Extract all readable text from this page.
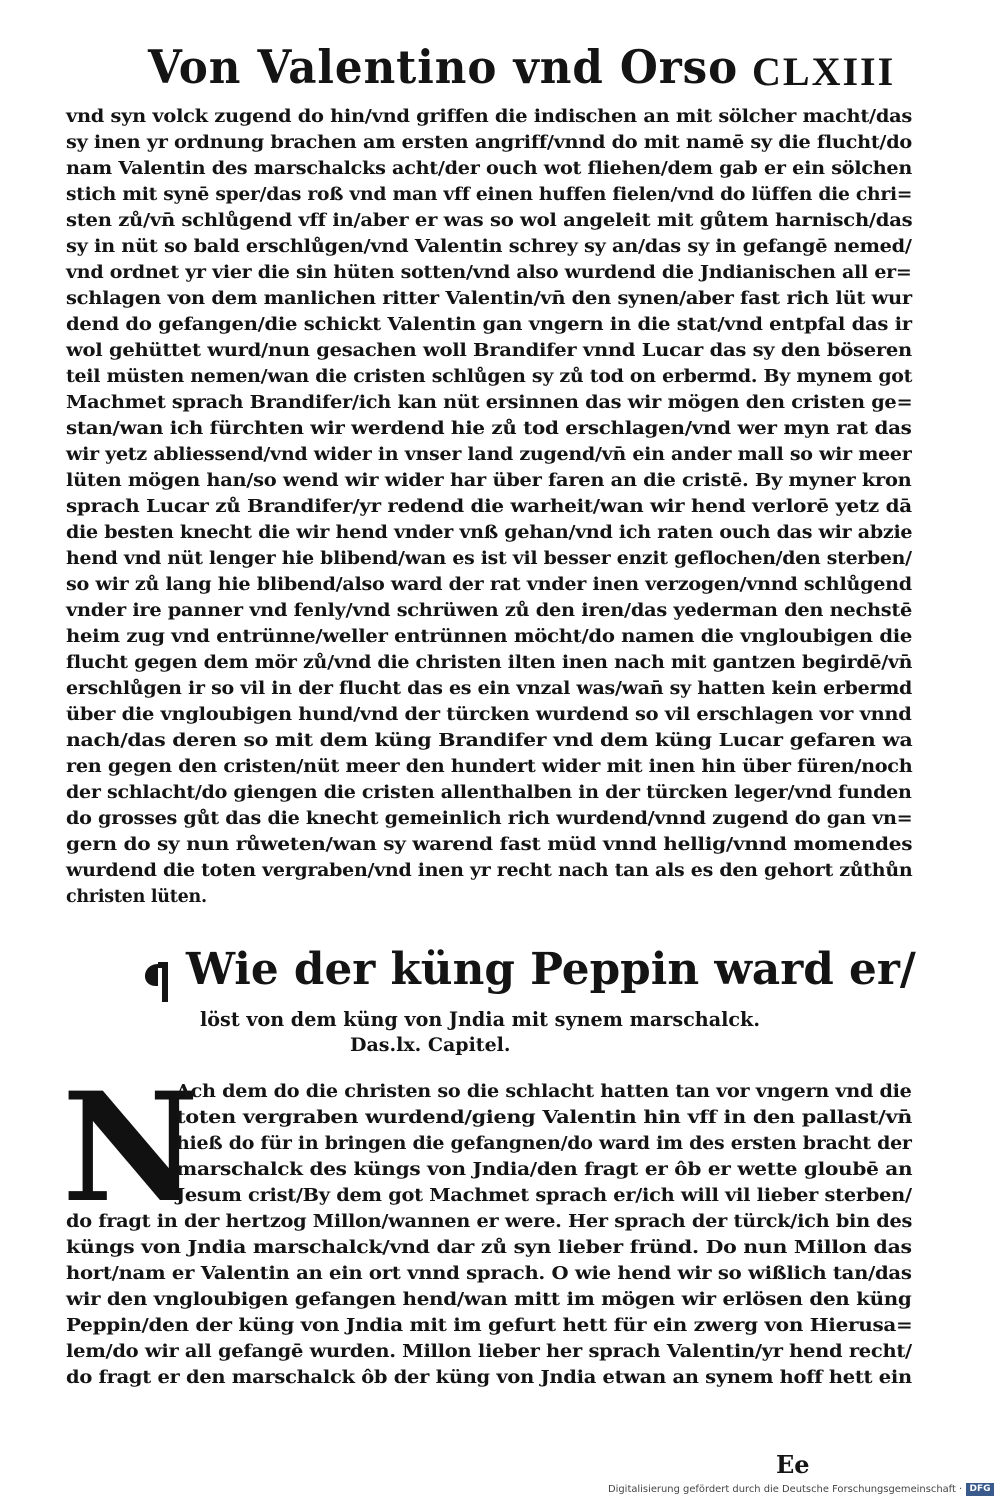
Von Valentino vnd Orso CLXIII
vnd syn volck zugend do hin/vnd griffen die indischen an mit sölcher macht/das
sy inen yr ordnung brachen am ersten angriff/vnnd do mit namē sy die flucht/do
nam Valentin des marschalcks acht/der ouch wot fliehen/dem gab er ein sölchen
stich mit synē sper/das roß vnd man vff einen huffen fielen/vnd do lüffen die chri=
sten zů/vn̄ schlůgend vff in/aber er was so wol angeleit mit gůtem harnisch/das
sy in nüt so bald erschlůgen/vnd Valentin schrey sy an/das sy in gefangē nemed/
vnd ordnet yr vier die sin hüten sotten/vnd also wurdend die Jndianischen all er=
schlagen von dem manlichen ritter Valentin/vn̄ den synen/aber fast rich lüt wur
dend do gefangen/die schickt Valentin gan vngern in die stat/vnd entpfal das ir
wol gehüttet wurd/nun gesachen woll Brandifer vnnd Lucar das sy den böseren
teil müsten nemen/wan die cristen schlůgen sy zů tod on erbermd. By mynem got
Machmet sprach Brandifer/ich kan nüt ersinnen das wir mögen den cristen ge=
stan/wan ich fürchten wir werdend hie zů tod erschlagen/vnd wer myn rat das
wir yetz abliessend/vnd wider in vnser land zugend/vn̄ ein ander mall so wir meer
lüten mögen han/so wend wir wider har über faren an die cristē. By myner kron
sprach Lucar zů Brandifer/yr redend die warheit/wan wir hend verlorē yetz dā
die besten knecht die wir hend vnder vnß gehan/vnd ich raten ouch das wir abzie
hend vnd nüt lenger hie blibend/wan es ist vil besser enzit geflochen/den sterben/
so wir zů lang hie blibend/also ward der rat vnder inen verzogen/vnnd schlůgend
vnder ire panner vnd fenly/vnd schrüwen zů den iren/das yederman den nechstē
heim zug vnd entrünne/weller entrünnen möcht/do namen die vngloubigen die
flucht gegen dem mör zů/vnd die christen ilten inen nach mit gantzen begirdē/vn̄
erschlůgen ir so vil in der flucht das es ein vnzal was/wan̄ sy hatten kein erbermd
über die vngloubigen hund/vnd der türcken wurdend so vil erschlagen vor vnnd
nach/das deren so mit dem küng Brandifer vnd dem küng Lucar gefaren wa
ren gegen den cristen/nüt meer den hundert wider mit inen hin über füren/noch
der schlacht/do giengen die cristen allenthalben in der türcken leger/vnd funden
do grosses gůt das die knecht gemeinlich rich wurdend/vnnd zugend do gan vn=
gern do sy nun růweten/wan sy warend fast müd vnnd hellig/vnnd momendes
wurdend die toten vergraben/vnd inen yr recht nach tan als es den gehort zůthůn
christen lüten.
Wie der küng Peppin ward er/
löst von dem küng von Jndia mit synem marschalck.
Das.lx. Capitel.
N
Ach dem do die christen so die schlacht hatten tan vor vngern vnd die
toten vergraben wurdend/gieng Valentin hin vff in den pallast/vn̄
hieß do für in bringen die gefangnen/do ward im des ersten bracht der
marschalck des küngs von Jndia/den fragt er ôb er wette gloubē an
Jesum crist/By dem got Machmet sprach er/ich will vil lieber sterben/
do fragt in der hertzog Millon/wannen er were. Her sprach der türck/ich bin des
küngs von Jndia marschalck/vnd dar zů syn lieber fründ. Do nun Millon das
hort/nam er Valentin an ein ort vnnd sprach. O wie hend wir so wißlich tan/das
wir den vngloubigen gefangen hend/wan mitt im mögen wir erlösen den küng
Peppin/den der küng von Jndia mit im gefurt hett für ein zwerg von Hierusa=
lem/do wir all gefangē wurden. Millon lieber her sprach Valentin/yr hend recht/
do fragt er den marschalck ôb der küng von Jndia etwan an synem hoff hett ein
Ee
Digitalisierung gefördert durch die Deutsche Forschungsgemeinschaft · DFG
